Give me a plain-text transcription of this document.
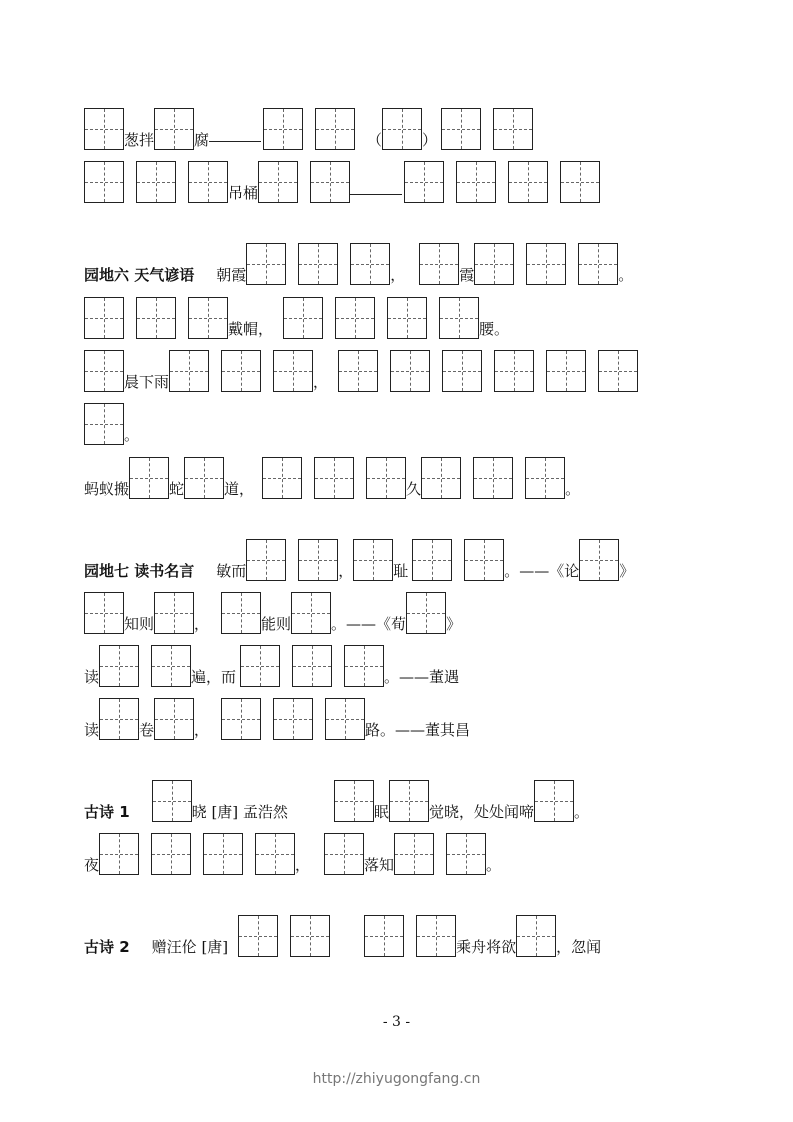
葱拌	腐	（	）
吊桶
园地六 天气谚语 朝霞	，	霞	。
戴帽，	腰。
晨下雨	，
。
蚂蚁搬	蛇	道，	久	。
园地七 读书名言 敏而	，	耻	。——《论	》
知则	，	能则	。——《荀	》
读	遍，而	。——董遇
读	卷	，	路。——董其昌
古诗 1	晓 [唐] 孟浩然	眠	觉晓，处处闻啼	。
夜	，	落知	。
古诗 2 赠汪伦 [唐]	乘舟将欲	，忽闻
- 3 -
http://zhiyugongfang.cn
